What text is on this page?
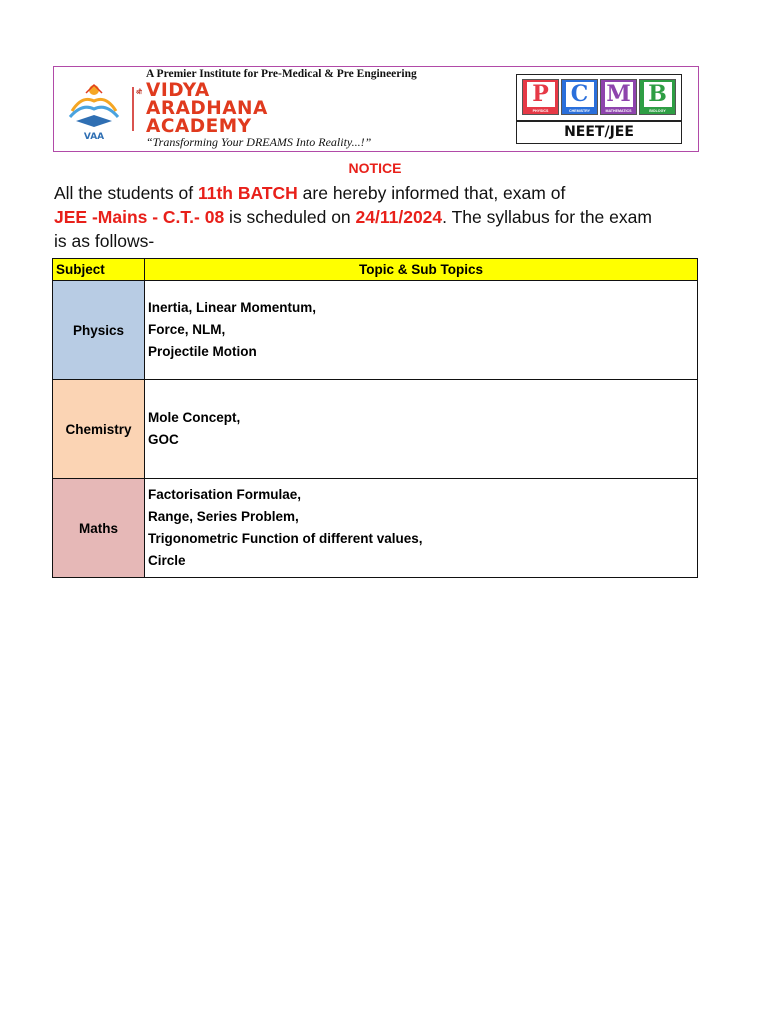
VAA
श्री
A Premier Institute for Pre-Medical & Pre Engineering
VIDYA
ARADHANA
ACADEMY
“Transforming Your DREAMS Into Reality...!”
P
PHYSICS
C
CHEMISTRY
M
MATHEMATICS
B
BIOLOGY
NEET/JEE
NOTICE
All the students of 11th BATCH are hereby informed that, exam of
JEE -Mains - C.T.- 08 is scheduled on 24/11/2024. The syllabus for the exam
is as follows-
Subject	Topic & Sub Topics
Physics	Inertia, Linear Momentum,
Force, NLM,
Projectile Motion

Chemistry	Mole Concept,
GOC

Maths	Factorisation Formulae,
Range, Series Problem,
Trigonometric Function of different values,
Circle
